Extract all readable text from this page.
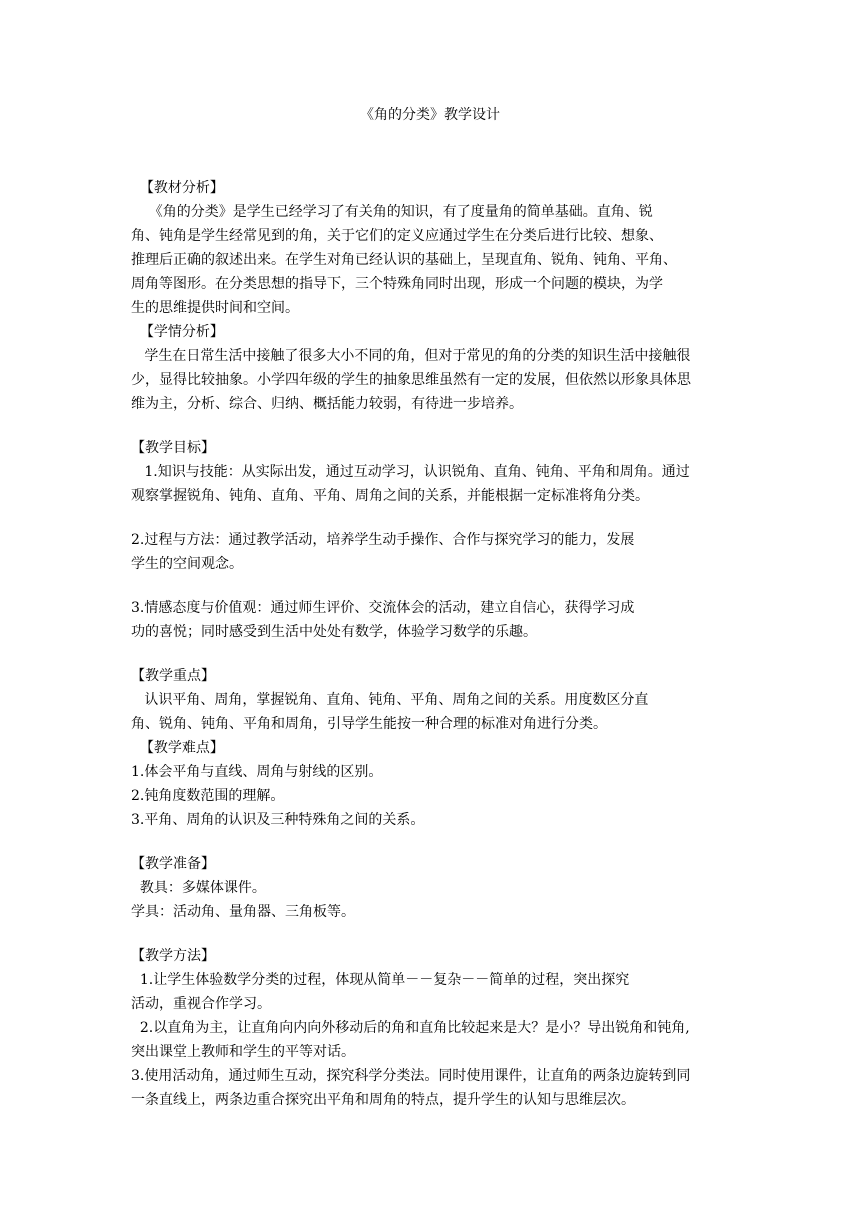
《角的分类》教学设计
【教材分析】
《角的分类》是学生已经学习了有关角的知识，有了度量角的简单基础。直角、锐
角、钝角是学生经常见到的角，关于它们的定义应通过学生在分类后进行比较、想象、
推理后正确的叙述出来。在学生对角已经认识的基础上，呈现直角、锐角、钝角、平角、
周角等图形。在分类思想的指导下，三个特殊角同时出现，形成一个问题的模块，为学
生的思维提供时间和空间。
【学情分析】
学生在日常生活中接触了很多大小不同的角，但对于常见的角的分类的知识生活中接触很
少，显得比较抽象。小学四年级的学生的抽象思维虽然有一定的发展，但依然以形象具体思
维为主，分析、综合、归纳、概括能力较弱，有待进一步培养。
【教学目标】
1.知识与技能：从实际出发，通过互动学习，认识锐角、直角、钝角、平角和周角。通过
观察掌握锐角、钝角、直角、平角、周角之间的关系，并能根据一定标准将角分类。
2.过程与方法：通过教学活动，培养学生动手操作、合作与探究学习的能力，发展
学生的空间观念。
3.情感态度与价值观：通过师生评价、交流体会的活动，建立自信心，获得学习成
功的喜悦；同时感受到生活中处处有数学，体验学习数学的乐趣。
【教学重点】
认识平角、周角，掌握锐角、直角、钝角、平角、周角之间的关系。用度数区分直
角、锐角、钝角、平角和周角，引导学生能按一种合理的标准对角进行分类。
【教学难点】
1.体会平角与直线、周角与射线的区别。
2.钝角度数范围的理解。
3.平角、周角的认识及三种特殊角之间的关系。
【教学准备】
教具：多媒体课件。
学具：活动角、量角器、三角板等。
【教学方法】
1.让学生体验数学分类的过程，体现从简单－－复杂－－简单的过程，突出探究
活动，重视合作学习。
2.以直角为主，让直角向内向外移动后的角和直角比较起来是大？是小？导出锐角和钝角,
突出课堂上教师和学生的平等对话。
3.使用活动角，通过师生互动，探究科学分类法。同时使用课件，让直角的两条边旋转到同
一条直线上，两条边重合探究出平角和周角的特点，提升学生的认知与思维层次。
